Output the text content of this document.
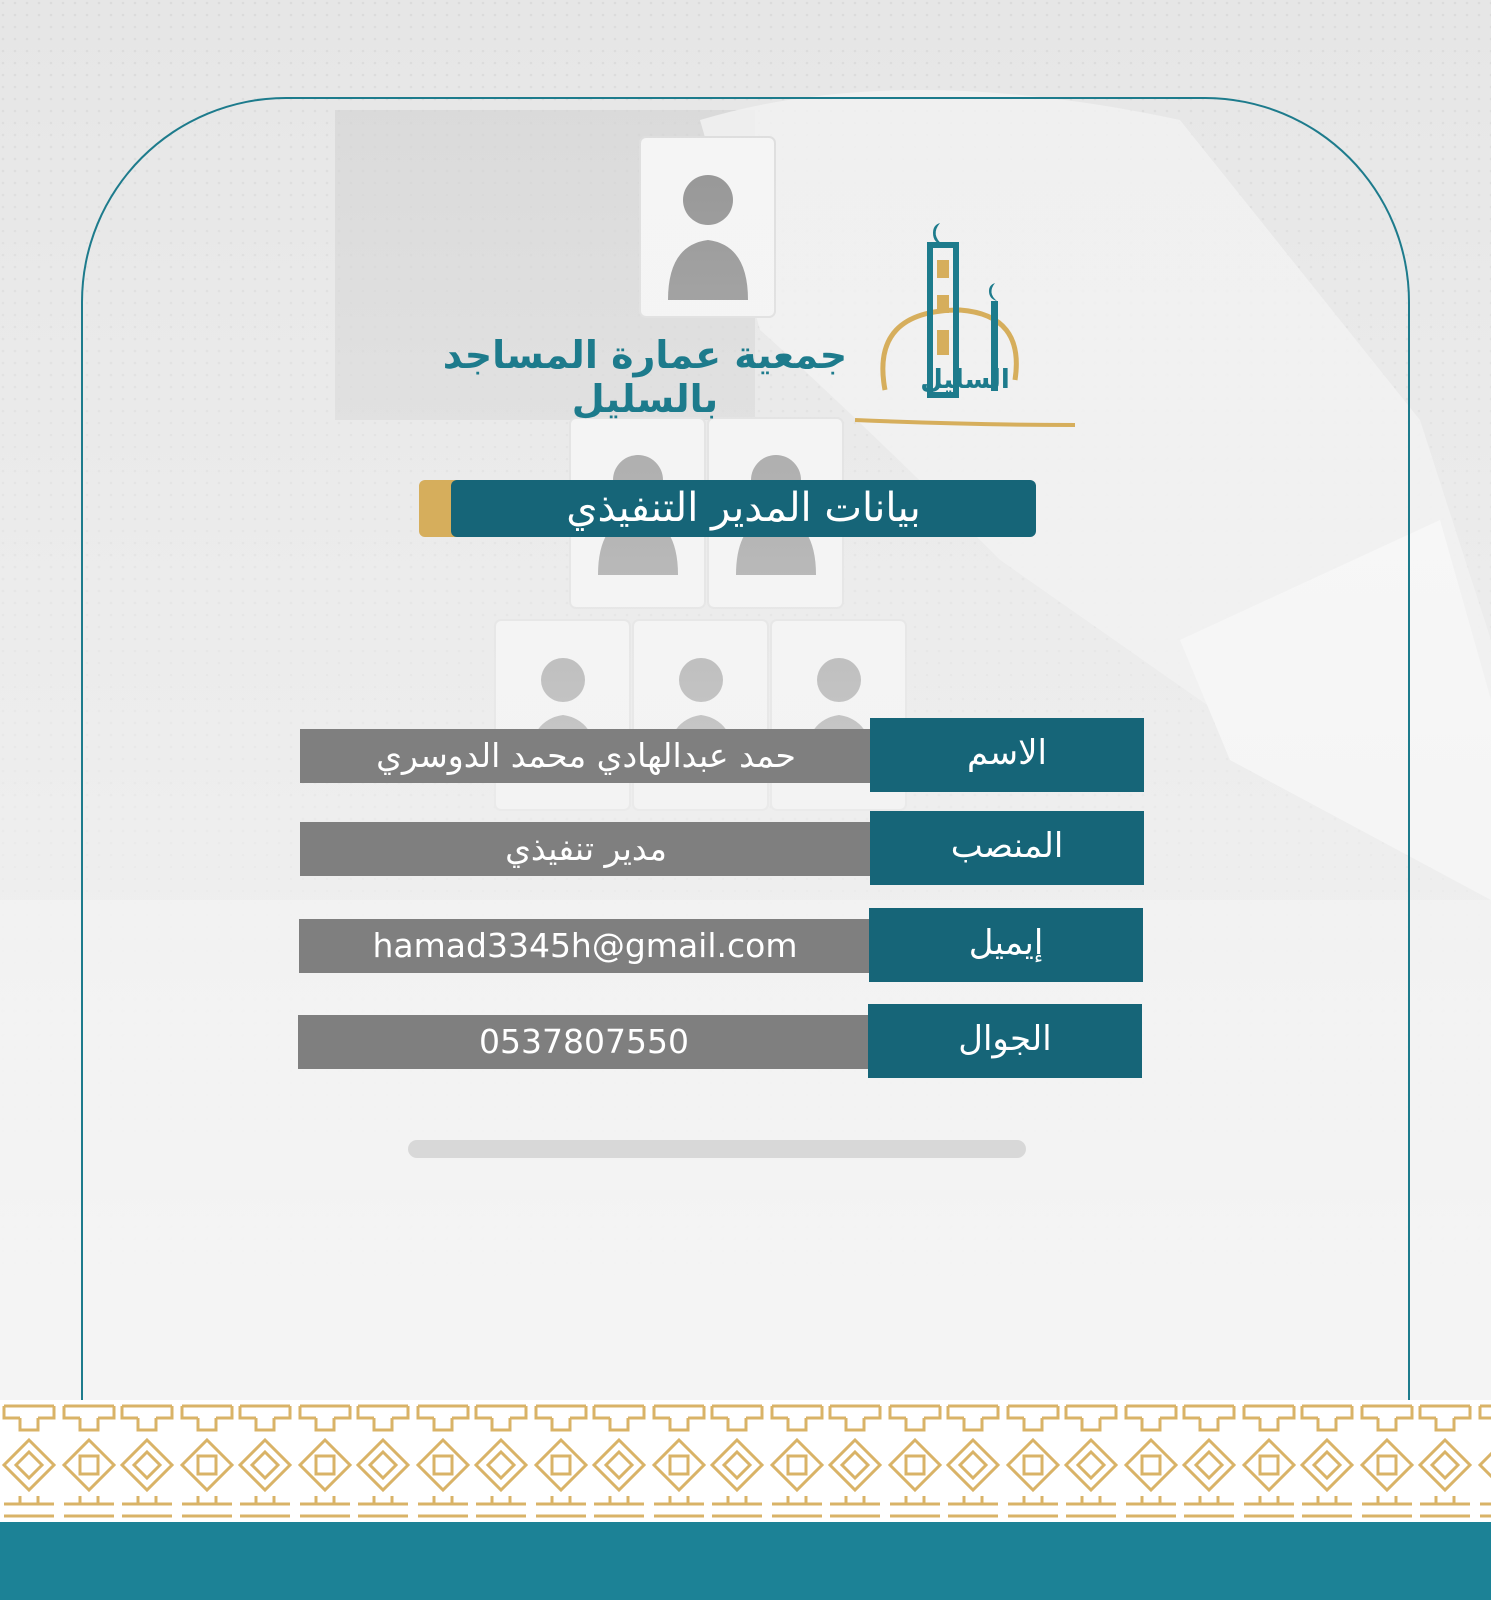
جمعية عمارة المساجد بالسليل	السليل
بيانات المدير التنفيذي
حمد عبدالهادي محمد الدوسري	الاسم
مدير تنفيذي	المنصب
hamad3345h@gmail.com	إيميل
0537807550	الجوال
